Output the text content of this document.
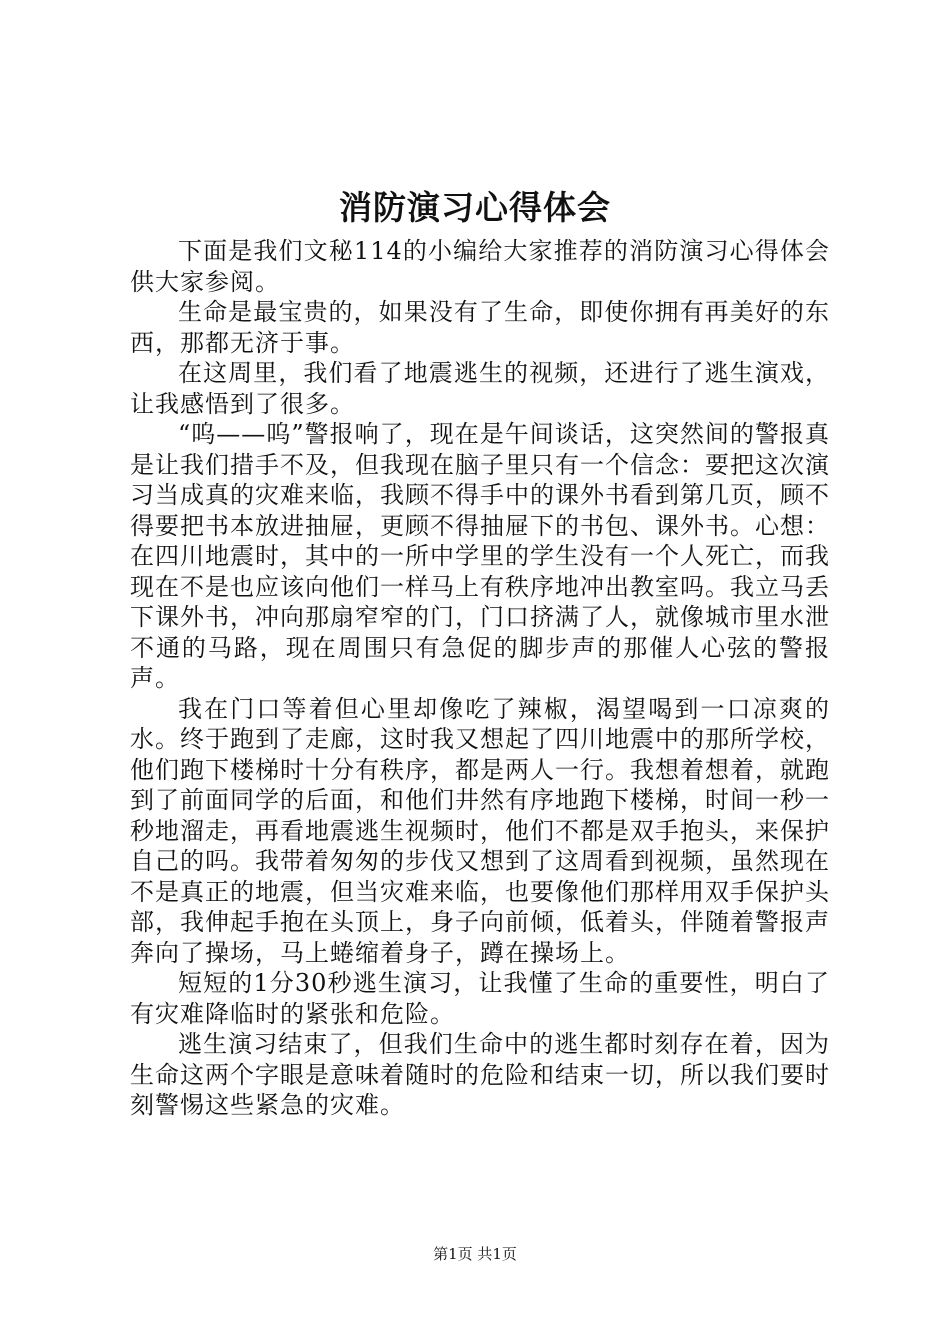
消防演习心得体会

下面是我们文秘114的小编给大家推荐的消防演习心得体会供大家参阅。

生命是最宝贵的，如果没有了生命，即使你拥有再美好的东西，那都无济于事。

在这周里，我们看了地震逃生的视频，还进行了逃生演戏，让我感悟到了很多。

“呜——呜”警报响了，现在是午间谈话，这突然间的警报真是让我们措手不及，但我现在脑子里只有一个信念：要把这次演习当成真的灾难来临，我顾不得手中的课外书看到第几页，顾不得要把书本放进抽屉，更顾不得抽屉下的书包、课外书。心想：在四川地震时，其中的一所中学里的学生没有一个人死亡，而我现在不是也应该向他们一样马上有秩序地冲出教室吗。我立马丢下课外书，冲向那扇窄窄的门，门口挤满了人，就像城市里水泄不通的马路，现在周围只有急促的脚步声的那催人心弦的警报声。

我在门口等着但心里却像吃了辣椒，渴望喝到一口凉爽的水。终于跑到了走廊，这时我又想起了四川地震中的那所学校，他们跑下楼梯时十分有秩序，都是两人一行。我想着想着，就跑到了前面同学的后面，和他们井然有序地跑下楼梯，时间一秒一秒地溜走，再看地震逃生视频时，他们不都是双手抱头，来保护自己的吗。我带着匆匆的步伐又想到了这周看到视频，虽然现在不是真正的地震，但当灾难来临，也要像他们那样用双手保护头部，我伸起手抱在头顶上，身子向前倾，低着头，伴随着警报声奔向了操场，马上蜷缩着身子，蹲在操场上。

短短的1分30秒逃生演习，让我懂了生命的重要性，明白了有灾难降临时的紧张和危险。

逃生演习结束了，但我们生命中的逃生都时刻存在着，因为生命这两个字眼是意味着随时的危险和结束一切，所以我们要时刻警惕这些紧急的灾难。

第1页 共1页
